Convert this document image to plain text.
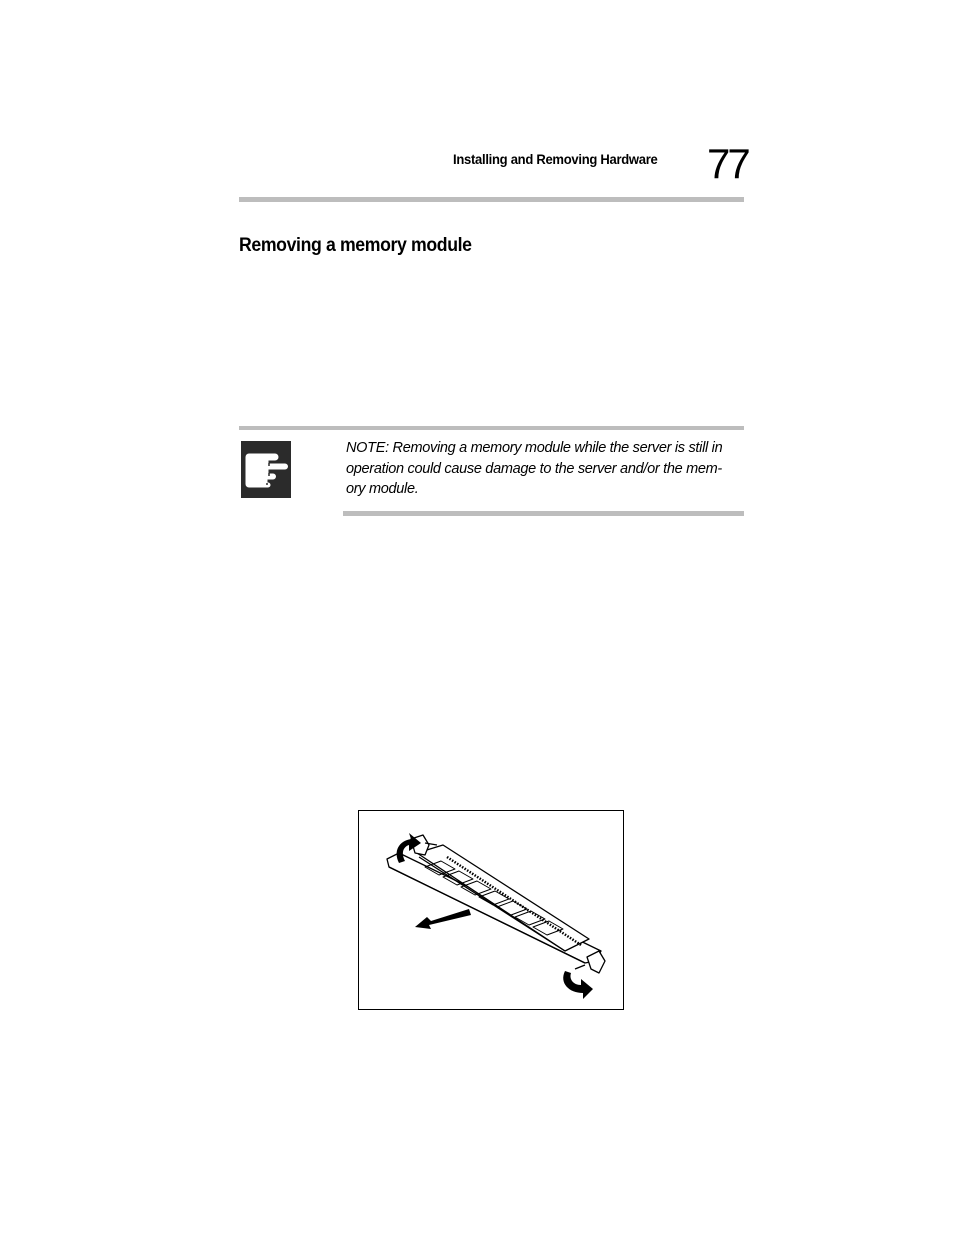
Installing and Removing Hardware 77
Removing a memory module
NOTE: Removing a memory module while the server is still in
operation could cause damage to the server and/or the mem-
ory module.
